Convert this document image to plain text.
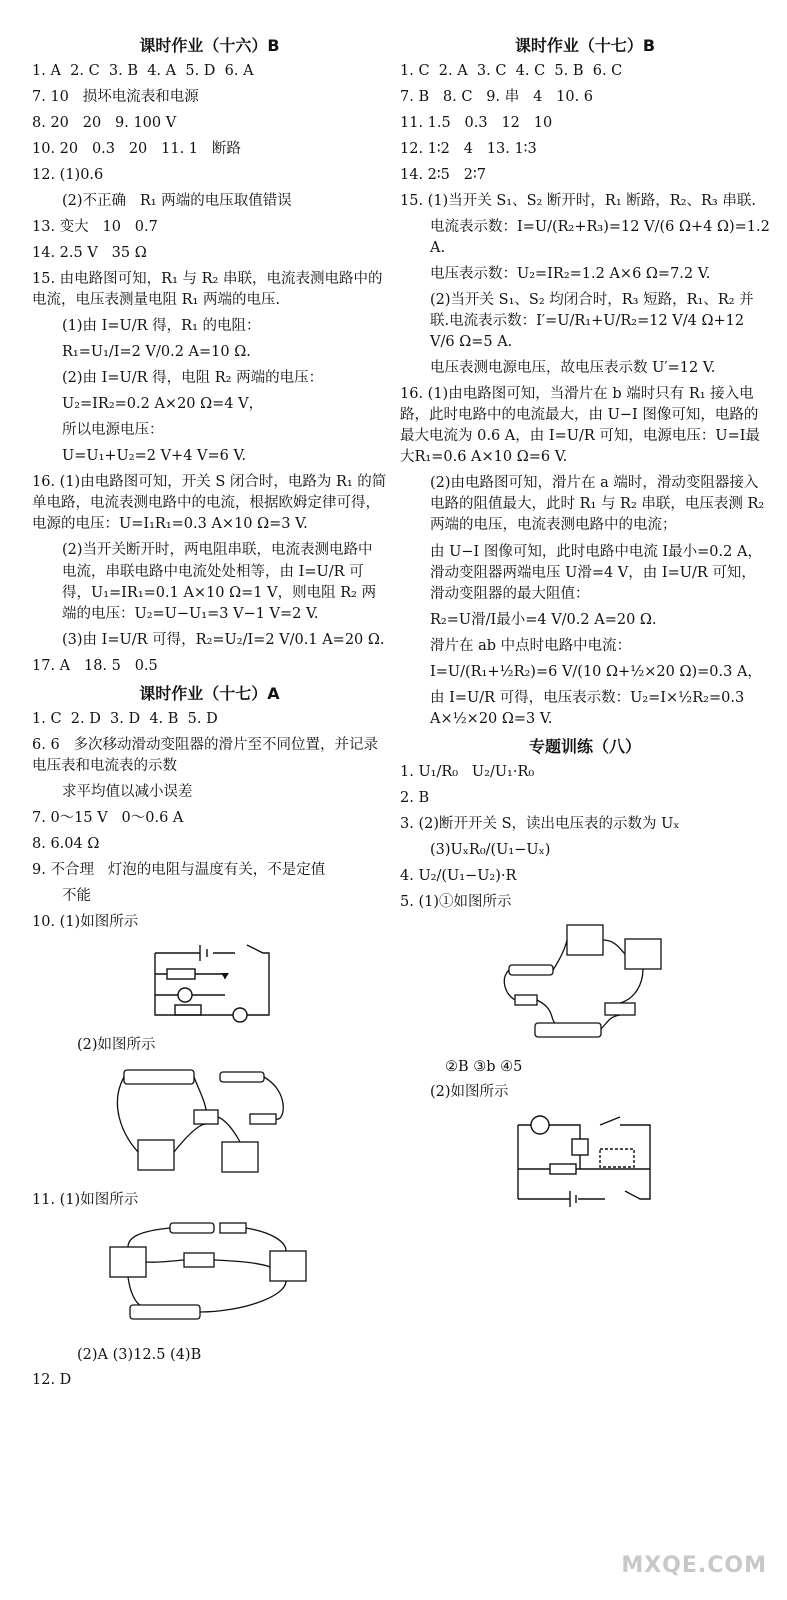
课时作业（十六）B
1. A  2. C  3. B  4. A  5. D  6. A
7. 10   损坏电流表和电源
8. 20   20   9. 100 V
10. 20   0.3   20   11. 1   断路
12. (1)0.6
(2)不正确   R₁ 两端的电压取值错误
13. 变大   10   0.7
14. 2.5 V   35 Ω
15. 由电路图可知，R₁ 与 R₂ 串联，电流表测电路中的电流，电压表测量电阻 R₁ 两端的电压.
(1)由 I=U/R 得，R₁ 的电阻：
R₁=U₁/I=2 V/0.2 A=10 Ω.
(2)由 I=U/R 得，电阻 R₂ 两端的电压：
U₂=IR₂=0.2 A×20 Ω=4 V，
所以电源电压：
U=U₁+U₂=2 V+4 V=6 V.
16. (1)由电路图可知，开关 S 闭合时，电路为 R₁ 的简单电路，电流表测电路中的电流，根据欧姆定律可得，电源的电压：U=I₁R₁=0.3 A×10 Ω=3 V.
(2)当开关断开时，两电阻串联，电流表测电路中电流，串联电路中电流处处相等，由 I=U/R 可得，U₁=IR₁=0.1 A×10 Ω=1 V，则电阻 R₂ 两端的电压：U₂=U−U₁=3 V−1 V=2 V.
(3)由 I=U/R 可得，R₂=U₂/I=2 V/0.1 A=20 Ω.
17. A   18. 5   0.5
课时作业（十七）A
1. C  2. D  3. D  4. B  5. D
6. 6   多次移动滑动变阻器的滑片至不同位置，并记录电压表和电流表的示数
求平均值以减小误差
7. 0～15 V   0～0.6 A
8. 6.04 Ω
9. 不合理   灯泡的电阻与温度有关，不是定值
不能
10. (1)如图所示
(2)如图所示
11. (1)如图所示
(2)A (3)12.5 (4)B
12. D
课时作业（十七）B
1. C  2. A  3. C  4. C  5. B  6. C
7. B   8. C   9. 串   4   10. 6
11. 1.5   0.3   12   10
12. 1∶2   4   13. 1∶3
14. 2∶5   2∶7
15. (1)当开关 S₁、S₂ 断开时，R₁ 断路，R₂、R₃ 串联.
电流表示数：I=U/(R₂+R₃)=12 V/(6 Ω+4 Ω)=1.2 A.
电压表示数：U₂=IR₂=1.2 A×6 Ω=7.2 V.
(2)当开关 S₁、S₂ 均闭合时，R₃ 短路，R₁、R₂ 并联.电流表示数：I′=U/R₁+U/R₂=12 V/4 Ω+12 V/6 Ω=5 A.
电压表测电源电压，故电压表示数 U′=12 V.
16. (1)由电路图可知，当滑片在 b 端时只有 R₁ 接入电路，此时电路中的电流最大，由 U−I 图像可知，电路的最大电流为 0.6 A，由 I=U/R 可知，电源电压：U=I最大R₁=0.6 A×10 Ω=6 V.
(2)由电路图可知，滑片在 a 端时，滑动变阻器接入电路的阻值最大，此时 R₁ 与 R₂ 串联，电压表测 R₂ 两端的电压，电流表测电路中的电流；
由 U−I 图像可知，此时电路中电流 I最小=0.2 A，滑动变阻器两端电压 U滑=4 V，由 I=U/R 可知，滑动变阻器的最大阻值：
R₂=U滑/I最小=4 V/0.2 A=20 Ω.
滑片在 ab 中点时电路中电流：
I=U/(R₁+½R₂)=6 V/(10 Ω+½×20 Ω)=0.3 A，
由 I=U/R 可得，电压表示数：U₂=I×½R₂=0.3 A×½×20 Ω=3 V.
专题训练（八）
1. U₁/R₀   U₂/U₁·R₀
2. B
3. (2)断开开关 S，读出电压表的示数为 Uₓ
(3)UₓR₀/(U₁−Uₓ)
4. U₂/(U₁−U₂)·R
5. (1)①如图所示
②B ③b ④5
(2)如图所示
MXQE.COM
